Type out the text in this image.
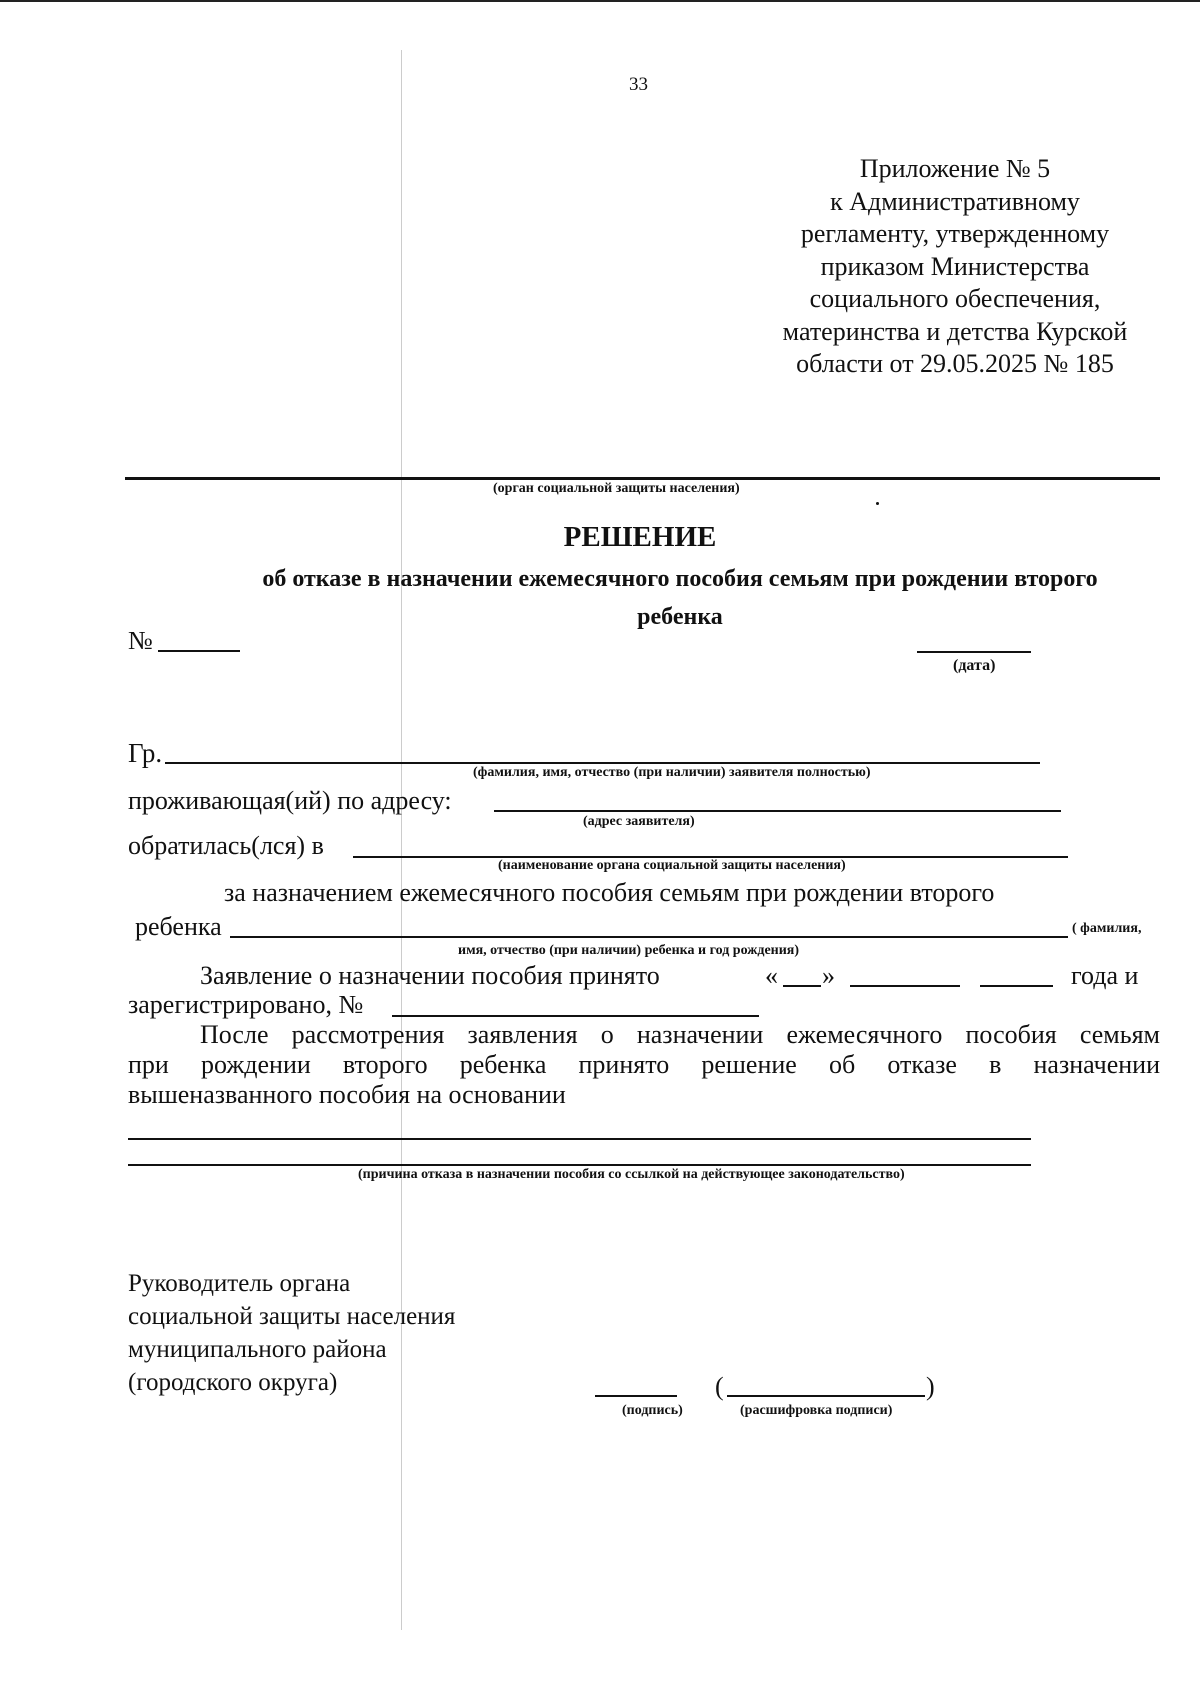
33
Приложение № 5
к Административному
регламенту, утвержденному
приказом Министерства
социального обеспечения,
материнства и детства Курской
области от 29.05.2025 № 185
(орган социальной защиты населения)
РЕШЕНИЕ
об отказе в назначении ежемесячного пособия семьям при рождении второго ребенка
№
(дата)
Гр.
(фамилия, имя, отчество (при наличии) заявителя полностью)
проживающая(ий) по адресу:
(адрес заявителя)
обратилась(лся) в
(наименование органа социальной защиты населения)
за назначением ежемесячного пособия семьям при рождении второго
ребенка	( фамилия,
имя, отчество (при наличии) ребенка и год рождения)
Заявление о назначении пособия принято	« »	года и
зарегистрировано, №
После рассмотрения заявления о назначении ежемесячного пособия семьям
при рождении второго ребенка принято решение об отказе в назначении
вышеназванного пособия на основании
(причина отказа в назначении пособия со ссылкой на действующее законодательство)
Руководитель органа
социальной защиты населения
муниципального района
(городского округа)	(	)
(подпись)	(расшифровка подписи)
